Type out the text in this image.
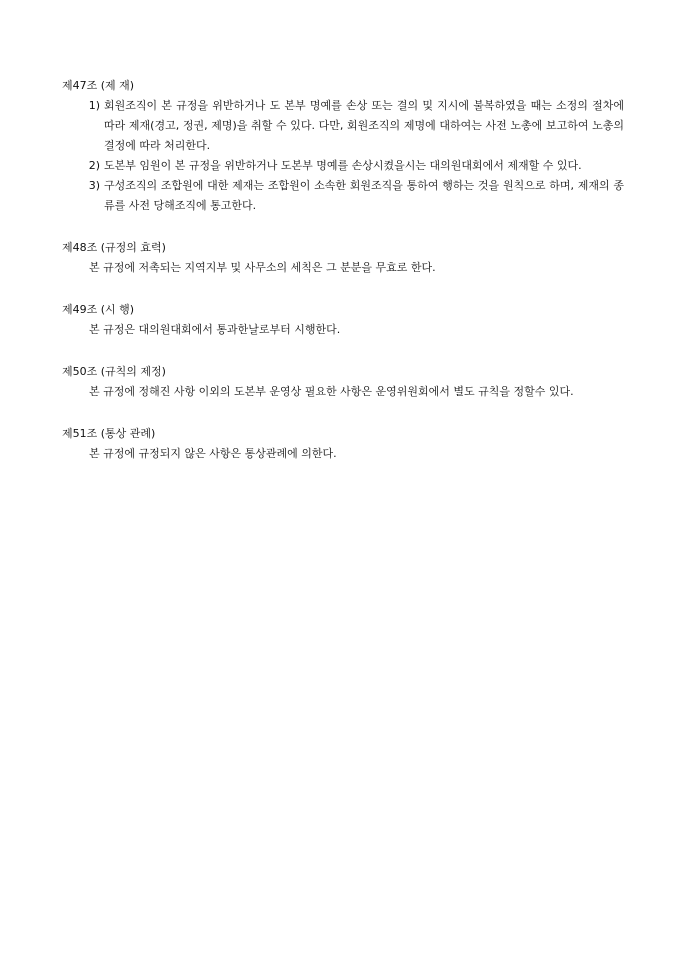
제47조 (제 재)
1) 회원조직이 본 규정을 위반하거나 도 본부 명예를 손상 또는 결의 및 지시에 불복하였을 때는 소정의 절차에 따라 제재(경고, 정권, 제명)을 취할 수 있다. 다만, 회원조직의 제명에 대하여는 사전 노총에 보고하여 노총의 결정에 따라 처리한다.
2) 도본부 임원이 본 규정을 위반하거나 도본부 명예를 손상시켰을시는 대의원대회에서 제재할 수 있다.
3) 구성조직의 조합원에 대한 제재는 조합원이 소속한 회원조직을 통하여 행하는 것을 원칙으로 하며, 제재의 종류를 사전 당해조직에 통고한다.
제48조 (규정의 효력)
본 규정에 저촉되는 지역지부 및 사무소의 세칙은 그 분분을 무효로 한다.
제49조 (시 행)
본 규정은 대의원대회에서 통과한날로부터 시행한다.
제50조 (규칙의 제정)
본 규정에 정해진 사항 이외의 도본부 운영상 필요한 사항은 운영위원회에서 별도 규칙을 정할수 있다.
제51조 (통상 관례)
본 규정에 규정되지 않은 사항은 통상관례에 의한다.
